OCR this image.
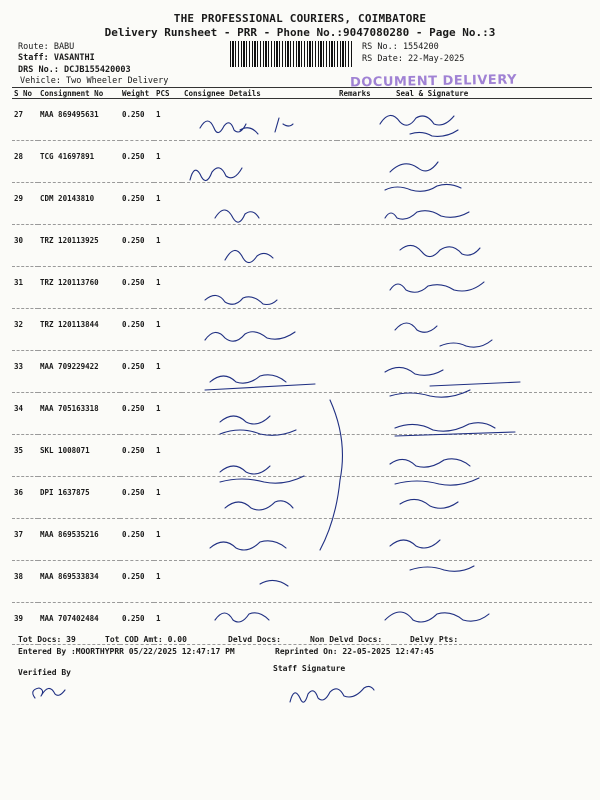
THE PROFESSIONAL COURIERS, COIMBATORE
Delivery Runsheet - PRR - Phone No.:9047080280 - Page No.:3
Route: BABU
Staff: VASANTHI
DRS No.: DCJB155420003
Vehicle: Two Wheeler Delivery
RS No.: 1554200
RS Date: 22-May-2025
DOCUMENT DELIVERY
S No	Consignment No	Weight	PCS	Consignee Details	Remarks	Seal & Signature
27	MAA 869495631	0.250	1			
28	TCG 41697891	0.250	1			
29	CDM 20143810	0.250	1			
30	TRZ 120113925	0.250	1			
31	TRZ 120113760	0.250	1			
32	TRZ 120113844	0.250	1			
33	MAA 709229422	0.250	1			
34	MAA 705163318	0.250	1			
35	SKL 1008071	0.250	1			
36	DPI 1637875	0.250	1			
37	MAA 869535216	0.250	1			
38	MAA 869533834	0.250	1			
39	MAA 707402484	0.250	1			
Tot Docs: 39	Tot COD Amt: 0.00	Delvd Docs:	Non Delvd Docs:	Delvy Pts:
Entered By :MOORTHYPRR 05/22/2025 12:47:17 PM	Reprinted On: 22-05-2025 12:47:45
Verified By	Staff Signature
